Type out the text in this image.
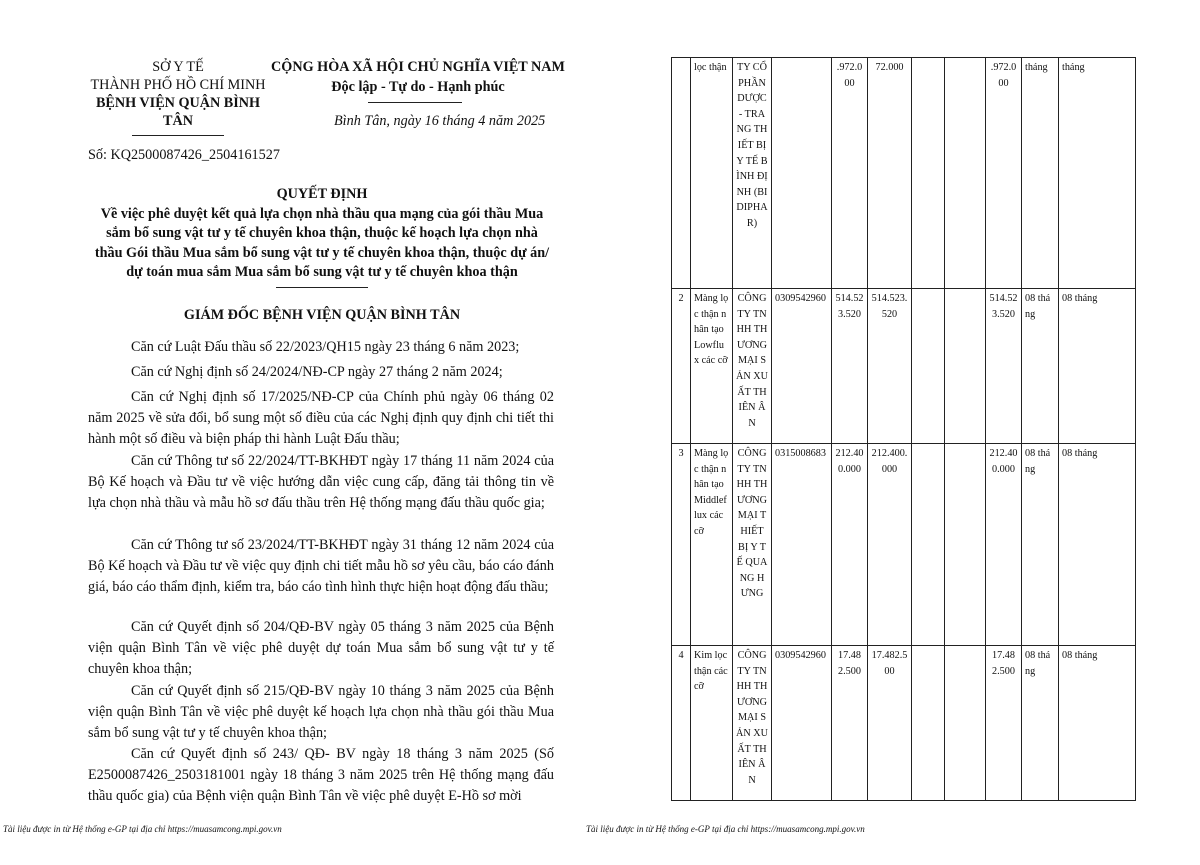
SỞ Y TẾ
THÀNH PHỐ HỒ CHÍ MINH
BỆNH VIỆN QUẬN BÌNH
TÂN
CỘNG HÒA XÃ HỘI CHỦ NGHĨA VIỆT NAM
Độc lập - Tự do - Hạnh phúc
Bình Tân, ngày 16 tháng 4 năm 2025
Số: KQ2500087426_2504161527
QUYẾT ĐỊNH
Về việc phê duyệt kết quả lựa chọn nhà thầu qua mạng của gói thầu Mua
sắm bổ sung vật tư y tế chuyên khoa thận, thuộc kế hoạch lựa chọn nhà
thầu Gói thầu Mua sắm bổ sung vật tư y tế chuyên khoa thận, thuộc dự án/
dự toán mua sắm Mua sắm bổ sung vật tư y tế chuyên khoa thận
GIÁM ĐỐC BỆNH VIỆN QUẬN BÌNH TÂN
Căn cứ Luật Đấu thầu số 22/2023/QH15 ngày 23 tháng 6 năm 2023;
Căn cứ Nghị định số 24/2024/NĐ-CP ngày 27 tháng 2 năm 2024;
Căn cứ Nghị định số 17/2025/NĐ-CP của Chính phủ ngày 06 tháng 02 năm 2025 về sửa đổi, bổ sung một số điều của các Nghị định quy định chi tiết thi hành một số điều và biện pháp thi hành Luật Đấu thầu;
Căn cứ Thông tư số 22/2024/TT-BKHĐT ngày 17 tháng 11 năm 2024 của Bộ Kế hoạch và Đầu tư về việc hướng dẫn việc cung cấp, đăng tải thông tin về lựa chọn nhà thầu và mẫu hồ sơ đấu thầu trên Hệ thống mạng đấu thầu quốc gia;
Căn cứ Thông tư số 23/2024/TT-BKHĐT ngày 31 tháng 12 năm 2024 của Bộ Kế hoạch và Đầu tư về việc quy định chi tiết mẫu hồ sơ yêu cầu, báo cáo đánh giá, báo cáo thẩm định, kiểm tra, báo cáo tình hình thực hiện hoạt động đấu thầu;
Căn cứ Quyết định số 204/QĐ-BV ngày 05 tháng 3 năm 2025 của Bệnh viện quận Bình Tân về việc phê duyệt dự toán Mua sắm bổ sung vật tư y tế chuyên khoa thận;
Căn cứ Quyết định số 215/QĐ-BV ngày 10 tháng 3 năm 2025 của Bệnh viện quận Bình Tân về việc phê duyệt kế hoạch lựa chọn nhà thầu gói thầu Mua sắm bổ sung vật tư y tế chuyên khoa thận;
Căn cứ Quyết định số 243/ QĐ- BV ngày 18 tháng 3 năm 2025 (Số E2500087426_2503181001 ngày 18 tháng 3 năm 2025 trên Hệ thống mạng đấu thầu quốc gia) của Bệnh viện quận Bình Tân về việc phê duyệt E-Hồ sơ mời
Tài liệu được in từ Hệ thống e-GP tại địa chỉ https://muasamcong.mpi.gov.vn
	lọc thận	TY CỔ PHẦN DƯỢC - TRANG THIẾT BỊ Y TẾ BÌNH ĐỊNH (BIDIPHAR)		.972.000	72.000			.972.000	tháng	tháng
2	Màng lọc thận nhân tạo Lowflux các cỡ	CÔNG TY TNHH THƯƠNG MẠI SẢN XUẤT THIÊN ÂN	0309542960	514.523.520	514.523.520			514.523.520	08 tháng	08 tháng
3	Màng lọc thận nhân tạo Middleflux các cỡ	CÔNG TY TNHH THƯƠNG MẠI THIẾT BỊ Y TẾ QUANG HƯNG	0315008683	212.400.000	212.400.000			212.400.000	08 tháng	08 tháng
4	Kim lọc thận các cỡ	CÔNG TY TNHH THƯƠNG MẠI SẢN XUẤT THIÊN ÂN	0309542960	17.482.500	17.482.500			17.482.500	08 tháng	08 tháng
Tài liệu được in từ Hệ thống e-GP tại địa chỉ https://muasamcong.mpi.gov.vn
